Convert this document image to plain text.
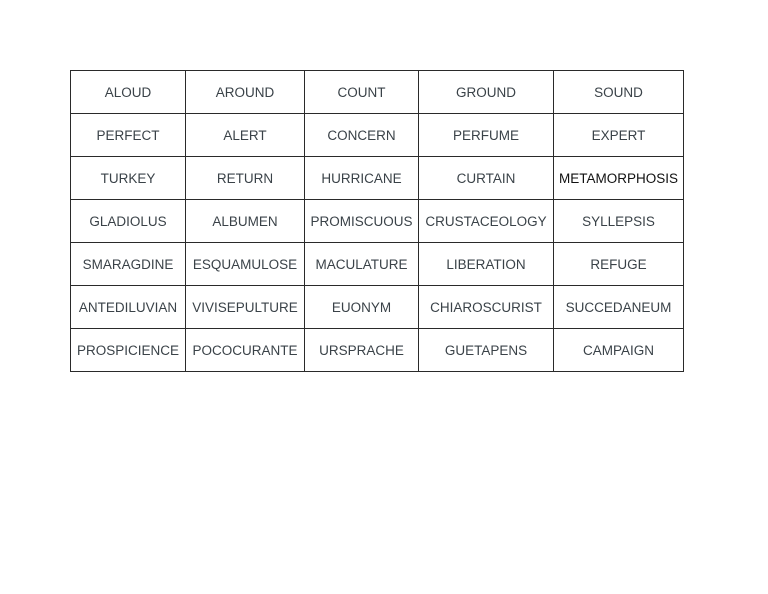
ALOUD	AROUND	COUNT	GROUND	SOUND
PERFECT	ALERT	CONCERN	PERFUME	EXPERT
TURKEY	RETURN	HURRICANE	CURTAIN	METAMORPHOSIS
GLADIOLUS	ALBUMEN	PROMISCUOUS	CRUSTACEOLOGY	SYLLEPSIS
SMARAGDINE	ESQUAMULOSE	MACULATURE	LIBERATION	REFUGE
ANTEDILUVIAN	VIVISEPULTURE	EUONYM	CHIAROSCURIST	SUCCEDANEUM
PROSPICIENCE	POCOCURANTE	URSPRACHE	GUETAPENS	CAMPAIGN
